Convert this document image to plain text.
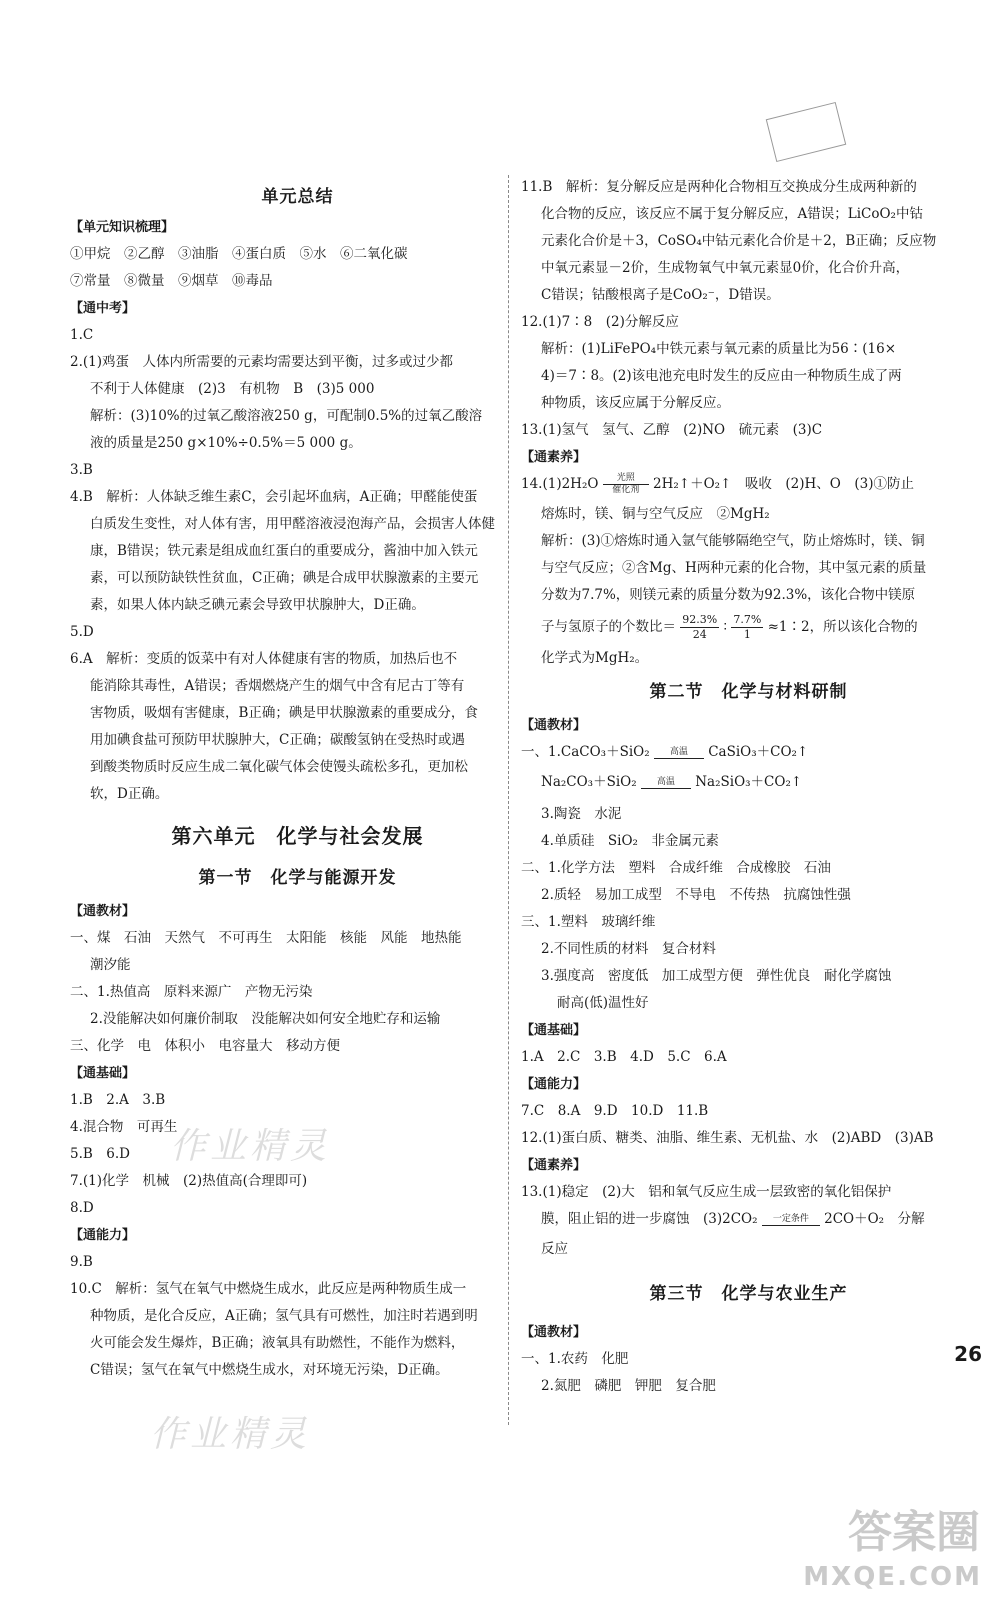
单元总结
【单元知识梳理】
①甲烷　②乙醇　③油脂　④蛋白质　⑤水　⑥二氧化碳
⑦常量　⑧微量　⑨烟草　⑩毒品
【通中考】
1.C
2.(1)鸡蛋　人体内所需要的元素均需要达到平衡，过多或过少都
不利于人体健康　(2)3　有机物　B　(3)5 000
解析：(3)10%的过氧乙酸溶液250 g，可配制0.5%的过氧乙酸溶
液的质量是250 g×10%÷0.5%＝5 000 g。
3.B
4.B　解析：人体缺乏维生素C，会引起坏血病，A正确；甲醛能使蛋
白质发生变性，对人体有害，用甲醛溶液浸泡海产品，会损害人体健
康，B错误；铁元素是组成血红蛋白的重要成分，酱油中加入铁元
素，可以预防缺铁性贫血，C正确；碘是合成甲状腺激素的主要元
素，如果人体内缺乏碘元素会导致甲状腺肿大，D正确。
5.D
6.A　解析：变质的饭菜中有对人体健康有害的物质，加热后也不
能消除其毒性，A错误；香烟燃烧产生的烟气中含有尼古丁等有
害物质，吸烟有害健康，B正确；碘是甲状腺激素的重要成分，食
用加碘食盐可预防甲状腺肿大，C正确；碳酸氢钠在受热时或遇
到酸类物质时反应生成二氧化碳气体会使馒头疏松多孔，更加松
软，D正确。
第六单元　化学与社会发展
第一节　化学与能源开发
【通教材】
一、煤　石油　天然气　不可再生　太阳能　核能　风能　地热能
潮汐能
二、1.热值高　原料来源广　产物无污染
2.没能解决如何廉价制取　没能解决如何安全地贮存和运输
三、化学　电　体积小　电容量大　移动方便
【通基础】
1.B　2.A　3.B
4.混合物　可再生
5.B　6.D
7.(1)化学　机械　(2)热值高(合理即可)
8.D
【通能力】
9.B
10.C　解析：氢气在氧气中燃烧生成水，此反应是两种物质生成一
种物质，是化合反应，A正确；氢气具有可燃性，加注时若遇到明
火可能会发生爆炸，B正确；液氧具有助燃性，不能作为燃料，
C错误；氢气在氧气中燃烧生成水，对环境无污染，D正确。
11.B　解析：复分解反应是两种化合物相互交换成分生成两种新的
化合物的反应，该反应不属于复分解反应，A错误；LiCoO₂中钴
元素化合价是＋3，CoSO₄中钴元素化合价是＋2，B正确；反应物
中氧元素显－2价，生成物氧气中氧元素显0价，化合价升高，
C错误；钴酸根离子是CoO₂⁻，D错误。
12.(1)7∶8　(2)分解反应
解析：(1)LiFePO₄中铁元素与氧元素的质量比为56∶(16×
4)＝7∶8。(2)该电池充电时发生的反应由一种物质生成了两
种物质，该反应属于分解反应。
13.(1)氢气　氢气、乙醇　(2)NO　硫元素　(3)C
【通素养】
14.(1)2H₂O	光照
催化剂	2H₂↑＋O₂↑　吸收　(2)H、O　(3)①防止
熔炼时，镁、铜与空气反应　②MgH₂
解析：(3)①熔炼时通入氩气能够隔绝空气，防止熔炼时，镁、铜
与空气反应；②含Mg、H两种元素的化合物，其中氢元素的质量
分数为7.7%，则镁元素的质量分数为92.3%，该化合物中镁原
子与氢原子的个数比＝ $\frac{92.3\%}{24}$ ∶ $\frac{7.7\%}{1}$ ≈1∶2，所以该化合物的
化学式为MgH₂。
第二节　化学与材料研制
【通教材】
一、1.CaCO₃＋SiO₂	高温	CaSiO₃＋CO₂↑
Na₂CO₃＋SiO₂	高温	Na₂SiO₃＋CO₂↑
3.陶瓷　水泥
4.单质硅　SiO₂　非金属元素
二、1.化学方法　塑料　合成纤维　合成橡胶　石油
2.质轻　易加工成型　不导电　不传热　抗腐蚀性强
三、1.塑料　玻璃纤维
2.不同性质的材料　复合材料
3.强度高　密度低　加工成型方便　弹性优良　耐化学腐蚀
耐高(低)温性好
【通基础】
1.A　2.C　3.B　4.D　5.C　6.A
【通能力】
7.C　8.A　9.D　10.D　11.B
12.(1)蛋白质、糖类、油脂、维生素、无机盐、水　(2)ABD　(3)AB
【通素养】
13.(1)稳定　(2)大　铝和氧气反应生成一层致密的氧化铝保护
膜，阻止铝的进一步腐蚀　(3)2CO₂	一定条件	2CO＋O₂　分解
反应
第三节　化学与农业生产
【通教材】
一、1.农药　化肥
2.氮肥　磷肥　钾肥　复合肥
作业精灵
作业精灵
26
答案圈
MXQE.COM
